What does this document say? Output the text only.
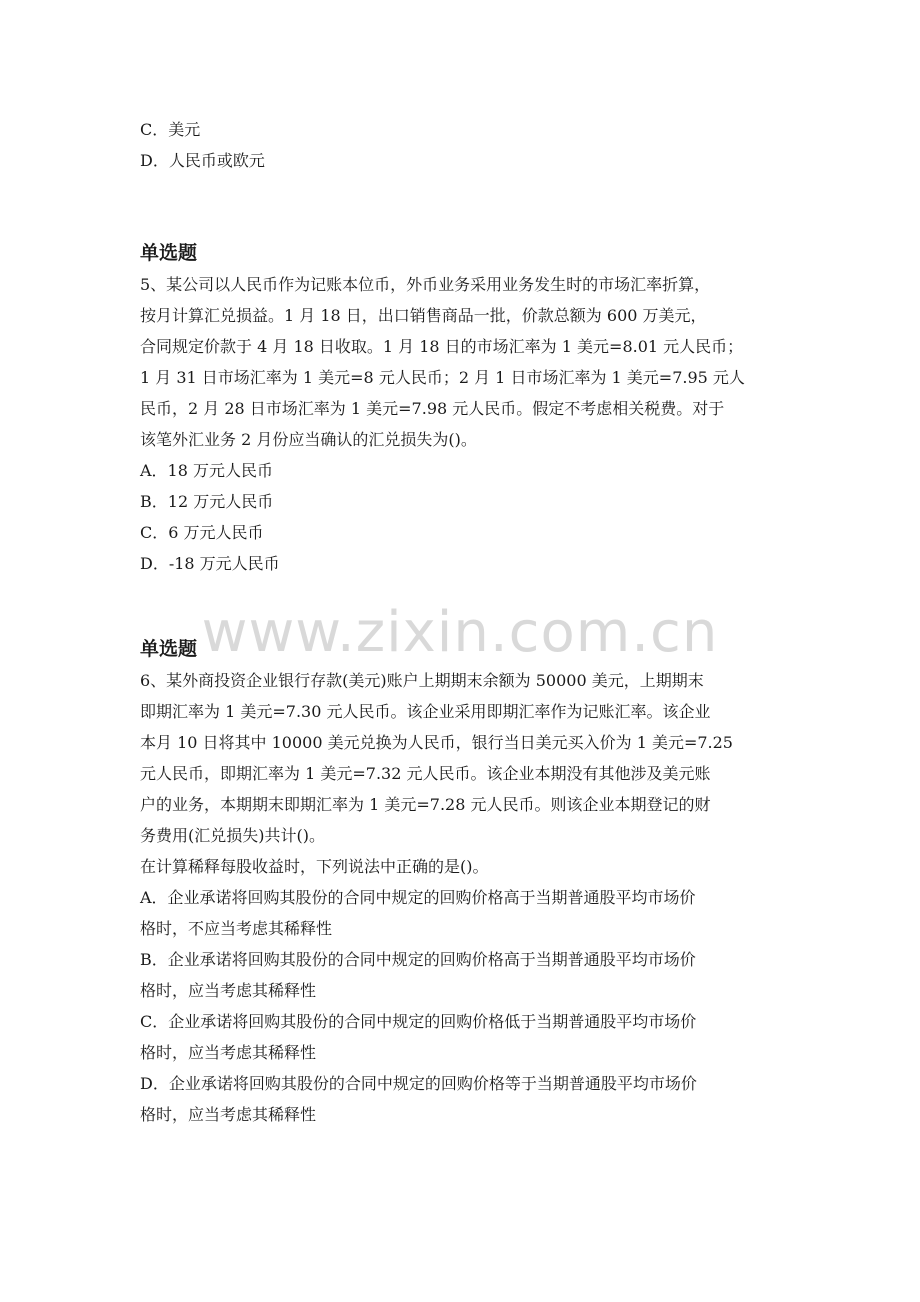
C．美元

D．人民币或欧元

单选题

5、某公司以人民币作为记账本位币，外币业务采用业务发生时的市场汇率折算，

按月计算汇兑损益。1 月 18 日，出口销售商品一批，价款总额为 600 万美元，

合同规定价款于 4 月 18 日收取。1 月 18 日的市场汇率为 1 美元=8.01 元人民币；

1 月 31 日市场汇率为 1 美元=8 元人民币；2 月 1 日市场汇率为 1 美元=7.95 元人

民币，2 月 28 日市场汇率为 1 美元=7.98 元人民币。假定不考虑相关税费。对于

该笔外汇业务 2 月份应当确认的汇兑损失为()。

A．18 万元人民币

B．12 万元人民币

C．6 万元人民币

D．-18 万元人民币

单选题

6、某外商投资企业银行存款(美元)账户上期期末余额为 50000 美元，上期期末

即期汇率为 1 美元=7.30 元人民币。该企业采用即期汇率作为记账汇率。该企业

本月 10 日将其中 10000 美元兑换为人民币，银行当日美元买入价为 1 美元=7.25

元人民币，即期汇率为 1 美元=7.32 元人民币。该企业本期没有其他涉及美元账

户的业务，本期期末即期汇率为 1 美元=7.28 元人民币。则该企业本期登记的财

务费用(汇兑损失)共计()。

在计算稀释每股收益时，下列说法中正确的是()。

A．企业承诺将回购其股份的合同中规定的回购价格高于当期普通股平均市场价

格时，不应当考虑其稀释性

B．企业承诺将回购其股份的合同中规定的回购价格高于当期普通股平均市场价

格时，应当考虑其稀释性

C．企业承诺将回购其股份的合同中规定的回购价格低于当期普通股平均市场价

格时，应当考虑其稀释性

D．企业承诺将回购其股份的合同中规定的回购价格等于当期普通股平均市场价

格时，应当考虑其稀释性

www.zixin.com.cn
